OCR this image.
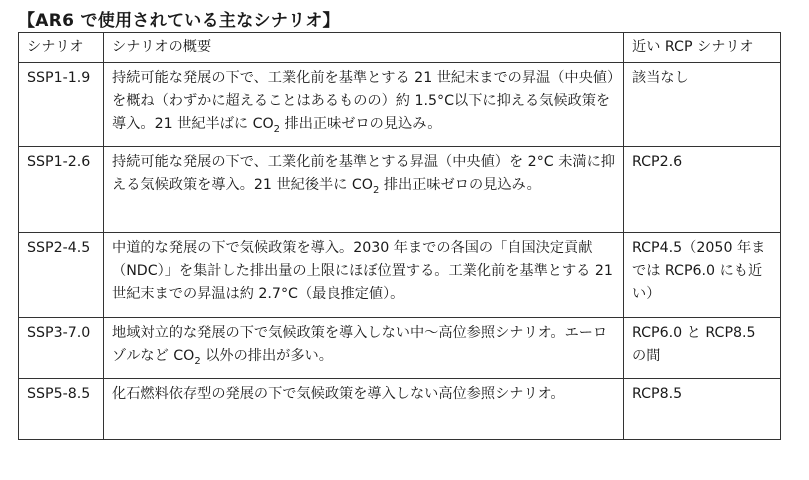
【AR6 で使用されている主なシナリオ】
シナリオ	シナリオの概要	近い RCP シナリオ
SSP1-1.9	持続可能な発展の下で、工業化前を基準とする 21 世紀末までの昇温（中央値）を概ね（わずかに超えることはあるものの）約 1.5°C以下に抑える気候政策を導入。21 世紀半ばに $CO_2$ 排出正味ゼロの見込み。	該当なし
SSP1-2.6	持続可能な発展の下で、工業化前を基準とする昇温（中央値）を 2°C 未満に抑える気候政策を導入。21 世紀後半に $CO_2$ 排出正味ゼロの見込み。	RCP2.6
SSP2-4.5	中道的な発展の下で気候政策を導入。2030 年までの各国の「自国決定貢献（NDC）」を集計した排出量の上限にほぼ位置する。工業化前を基準とする 21 世紀末までの昇温は約 2.7°C（最良推定値）。	RCP4.5（2050 年までは RCP6.0 にも近い）
SSP3-7.0	地域対立的な発展の下で気候政策を導入しない中～高位参照シナリオ。エーロゾルなど $CO_2$ 以外の排出が多い。	RCP6.0 と RCP8.5 の間
SSP5-8.5	化石燃料依存型の発展の下で気候政策を導入しない高位参照シナリオ。	RCP8.5
